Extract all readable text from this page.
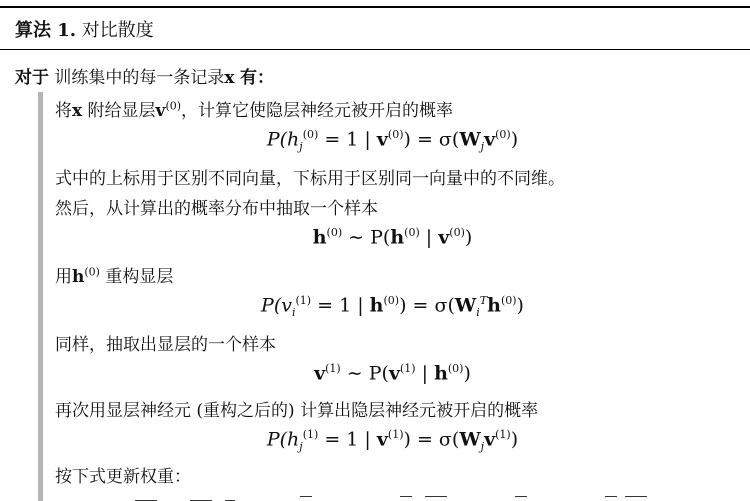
算法 1. 对比散度
对于 训练集中的每一条记录x 有：
将x 附给显层$v^{(0)}$，计算它使隐层神经元被开启的概率
$P(h_j^{(0)} = 1$ | $v^{(0)}) = \sigma(W_jv^{(0)})$
式中的上标用于区别不同向量，下标用于区别同一向量中的不同维。
然后，从计算出的概率分布中抽取一个样本
$h^{(0)}$ ∼ $P(h^{(0)}$ | $v^{(0)}$)
用$h^{(0)}$ 重构显层
$P(v_i^{(1)} = 1$ | $h^{(0)}) = \sigma(W_i^Th^{(0)})$
同样，抽取出显层的一个样本
$v^{(1)}$ ∼ $P(v^{(1)}$ | $h^{(0)}$)
再次用显层神经元 (重构之后的) 计算出隐层神经元被开启的概率
$P(h_j^{(1)} = 1$ | $v^{(1)}) = \sigma(W_jv^{(1)})$
按下式更新权重：
